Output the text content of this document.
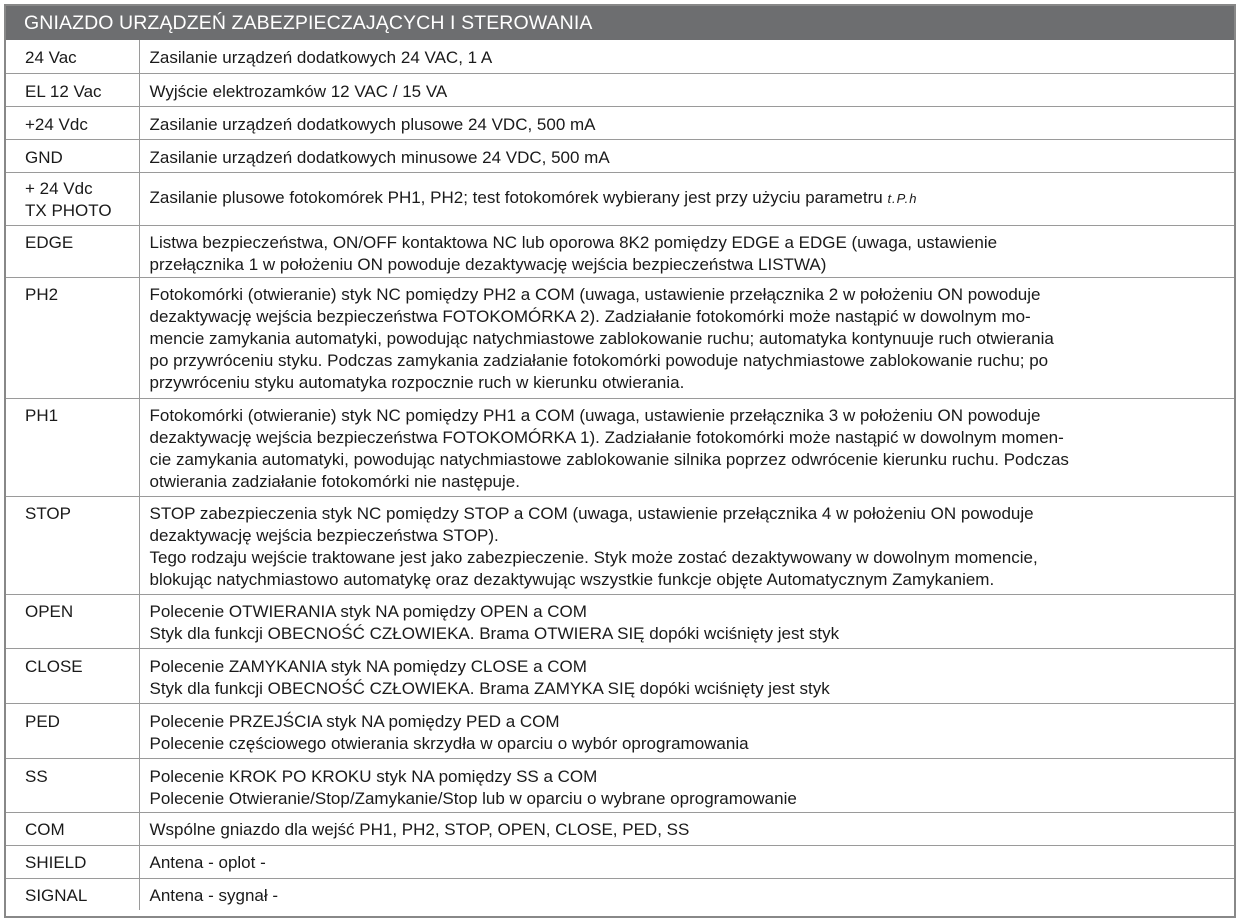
GNIAZDO URZĄDZEŃ ZABEZPIECZAJĄCYCH I STEROWANIA
24 Vac	Zasilanie urządzeń dodatkowych 24 VAC, 1 A

EL 12 Vac	Wyjście elektrozamków 12 VAC / 15 VA

+24 Vdc	Zasilanie urządzeń dodatkowych plusowe 24 VDC, 500 mA

GND	Zasilanie urządzeń dodatkowych minusowe 24 VDC, 500 mA

+ 24 Vdc
TX PHOTO	Zasilanie plusowe fotokomórek PH1, PH2; test fotokomórek wybierany jest przy użyciu parametru t.P.h

EDGE	Listwa bezpieczeństwa, ON/OFF kontaktowa NC lub oporowa 8K2 pomiędzy EDGE a EDGE (uwaga, ustawienie
przełącznika 1 w położeniu ON powoduje dezaktywację wejścia bezpieczeństwa LISTWA)

PH2	Fotokomórki (otwieranie) styk NC pomiędzy PH2 a COM (uwaga, ustawienie przełącznika 2 w położeniu ON powoduje
dezaktywację wejścia bezpieczeństwa FOTOKOMÓRKA 2). Zadziałanie fotokomórki może nastąpić w dowolnym mo-
mencie zamykania automatyki, powodując natychmiastowe zablokowanie ruchu; automatyka kontynuuje ruch otwierania
po przywróceniu styku. Podczas zamykania zadziałanie fotokomórki powoduje natychmiastowe zablokowanie ruchu; po
przywróceniu styku automatyka rozpocznie ruch w kierunku otwierania.

PH1	Fotokomórki (otwieranie) styk NC pomiędzy PH1 a COM (uwaga, ustawienie przełącznika 3 w położeniu ON powoduje
dezaktywację wejścia bezpieczeństwa FOTOKOMÓRKA 1). Zadziałanie fotokomórki może nastąpić w dowolnym momen-
cie zamykania automatyki, powodując natychmiastowe zablokowanie silnika poprzez odwrócenie kierunku ruchu. Podczas
otwierania zadziałanie fotokomórki nie następuje.

STOP	STOP zabezpieczenia styk NC pomiędzy STOP a COM (uwaga, ustawienie przełącznika 4 w położeniu ON powoduje
dezaktywację wejścia bezpieczeństwa STOP).
Tego rodzaju wejście traktowane jest jako zabezpieczenie. Styk może zostać dezaktywowany w dowolnym momencie,
blokując natychmiastowo automatykę oraz dezaktywując wszystkie funkcje objęte Automatycznym Zamykaniem.

OPEN	Polecenie OTWIERANIA styk NA pomiędzy OPEN a COM
Styk dla funkcji OBECNOŚĆ CZŁOWIEKA. Brama OTWIERA SIĘ dopóki wciśnięty jest styk

CLOSE	Polecenie ZAMYKANIA styk NA pomiędzy CLOSE a COM
Styk dla funkcji OBECNOŚĆ CZŁOWIEKA. Brama ZAMYKA SIĘ dopóki wciśnięty jest styk

PED	Polecenie PRZEJŚCIA styk NA pomiędzy PED a COM
Polecenie częściowego otwierania skrzydła w oparciu o wybór oprogramowania

SS	Polecenie KROK PO KROKU styk NA pomiędzy SS a COM
Polecenie Otwieranie/Stop/Zamykanie/Stop lub w oparciu o wybrane oprogramowanie

COM	Wspólne gniazdo dla wejść PH1, PH2, STOP, OPEN, CLOSE, PED, SS

SHIELD	Antena - oplot -

SIGNAL	Antena - sygnał -
